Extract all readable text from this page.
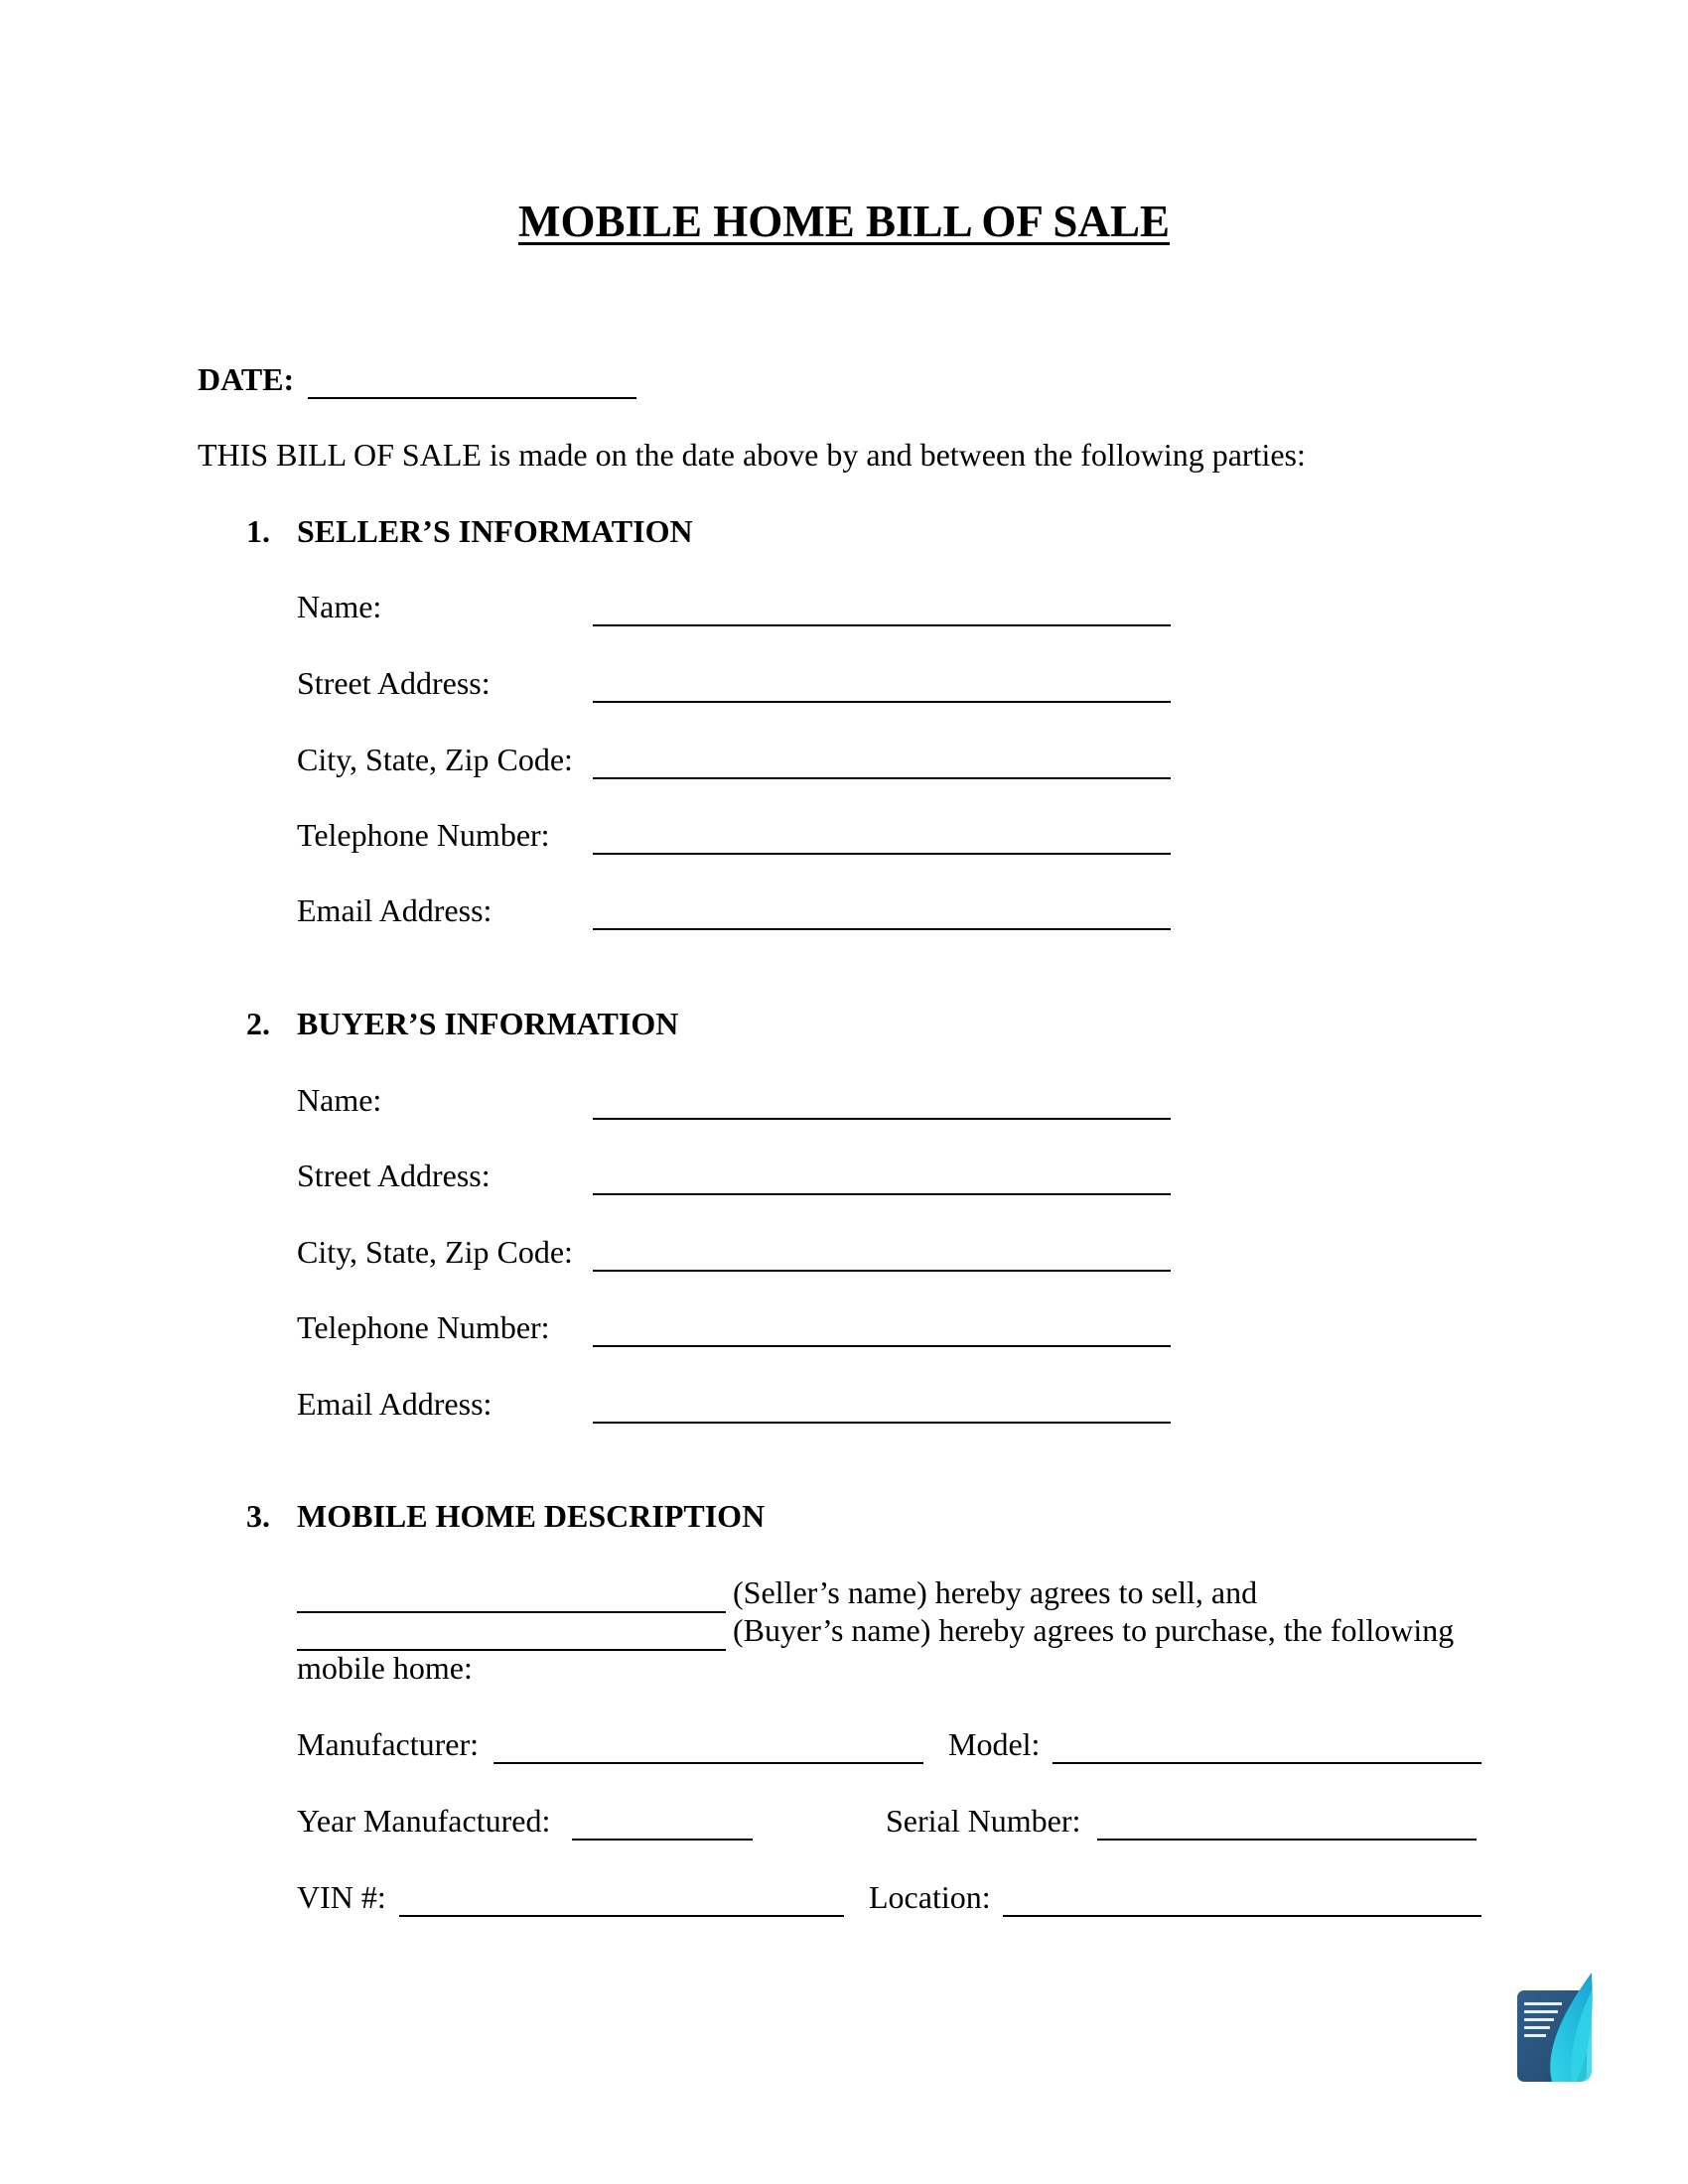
MOBILE HOME BILL OF SALE
DATE:
THIS BILL OF SALE is made on the date above by and between the following parties:
1. SELLER’S INFORMATION
Name:
Street Address:
City, State, Zip Code:
Telephone Number:
Email Address:
2. BUYER’S INFORMATION
Name:
Street Address:
City, State, Zip Code:
Telephone Number:
Email Address:
3. MOBILE HOME DESCRIPTION
(Seller’s name) hereby agrees to sell, and
(Buyer’s name) hereby agrees to purchase, the following
mobile home:
Manufacturer:	Model:
Year Manufactured:	Serial Number:
VIN #:	Location:
